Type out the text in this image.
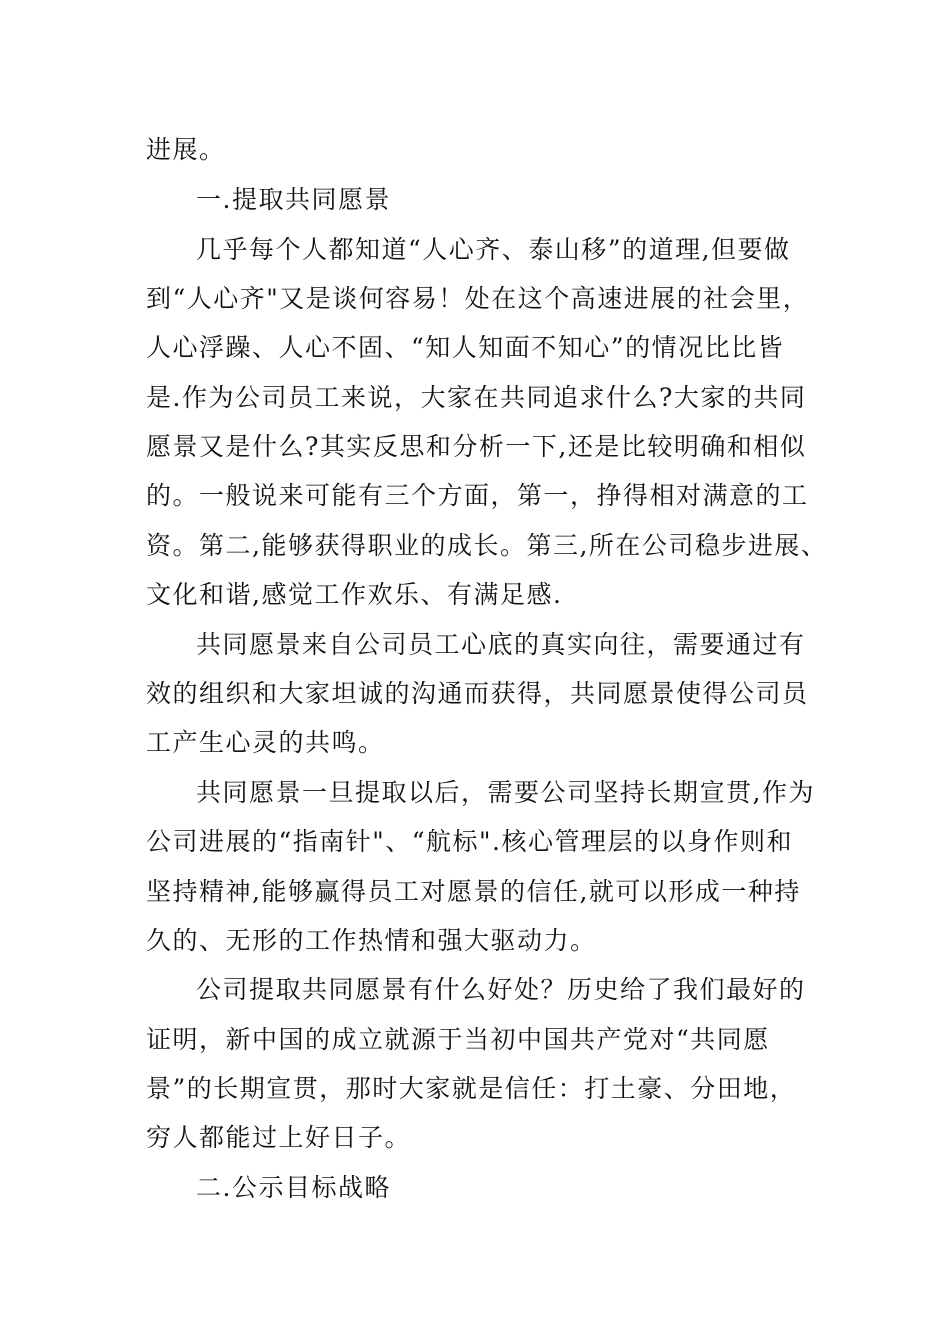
进展。
一.提取共同愿景
几乎每个人都知道“人心齐、泰山移”的道理,但要做
到“人心齐"又是谈何容易！处在这个高速进展的社会里，
人心浮躁、人心不固、“知人知面不知心”的情况比比皆
是.作为公司员工来说，大家在共同追求什么?大家的共同
愿景又是什么?其实反思和分析一下,还是比较明确和相似
的。一般说来可能有三个方面，第一，挣得相对满意的工
资。第二,能够获得职业的成长。第三,所在公司稳步进展、
文化和谐,感觉工作欢乐、有满足感.
共同愿景来自公司员工心底的真实向往，需要通过有
效的组织和大家坦诚的沟通而获得，共同愿景使得公司员
工产生心灵的共鸣。
共同愿景一旦提取以后，需要公司坚持长期宣贯,作为
公司进展的“指南针"、“航标".核心管理层的以身作则和
坚持精神,能够赢得员工对愿景的信任,就可以形成一种持
久的、无形的工作热情和强大驱动力。
公司提取共同愿景有什么好处？历史给了我们最好的
证明，新中国的成立就源于当初中国共产党对“共同愿
景”的长期宣贯，那时大家就是信任：打土豪、分田地，
穷人都能过上好日子。
二.公示目标战略
